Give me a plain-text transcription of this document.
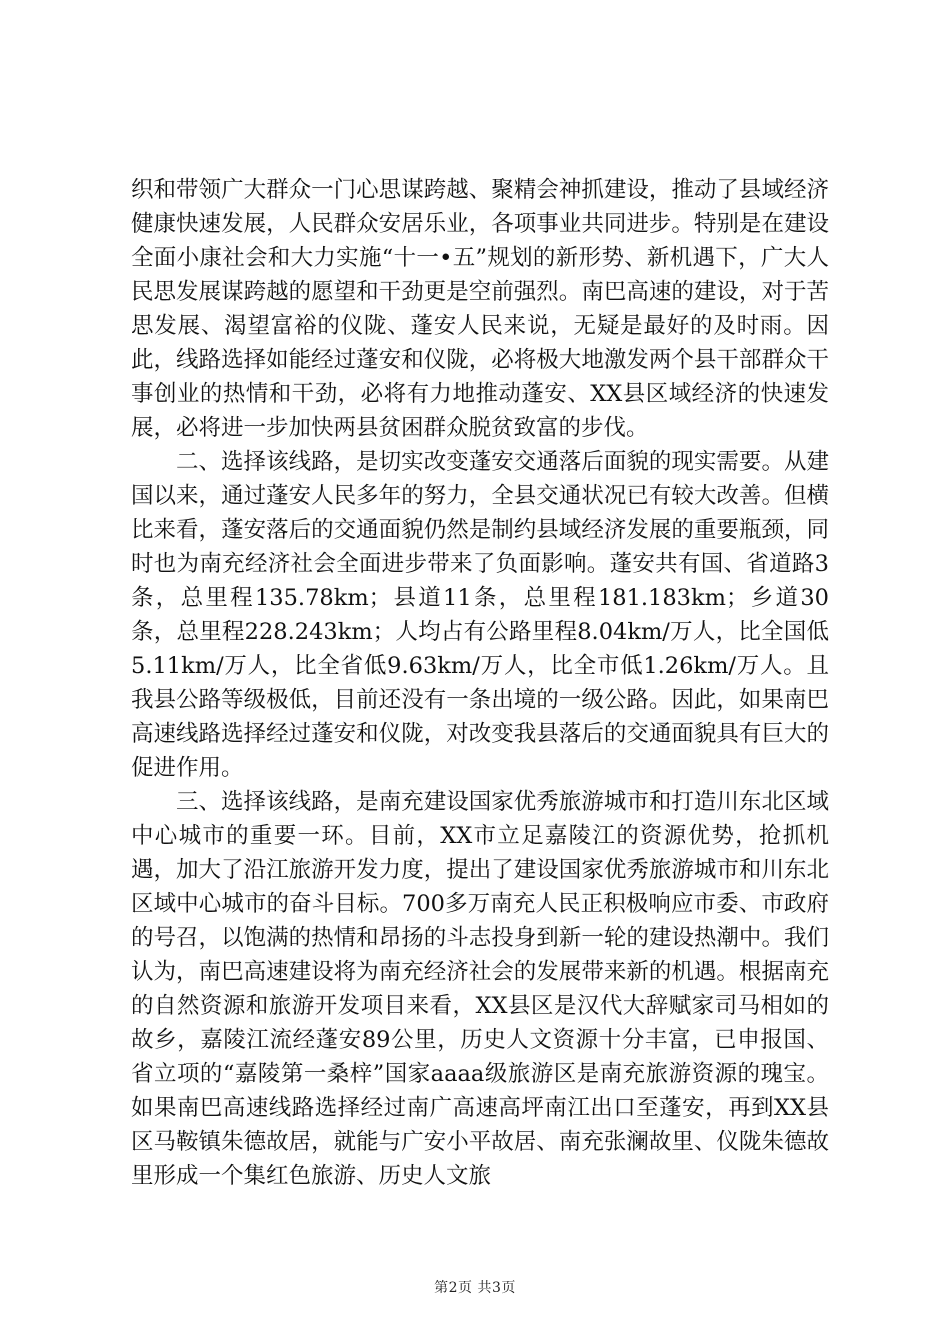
织和带领广大群众一门心思谋跨越、聚精会神抓建设，推动了县域经济健康快速发展，人民群众安居乐业，各项事业共同进步。特别是在建设全面小康社会和大力实施“十一•五”规划的新形势、新机遇下，广大人民思发展谋跨越的愿望和干劲更是空前强烈。南巴高速的建设，对于苦思发展、渴望富裕的仪陇、蓬安人民来说，无疑是最好的及时雨。因此，线路选择如能经过蓬安和仪陇，必将极大地激发两个县干部群众干事创业的热情和干劲，必将有力地推动蓬安、XX县区域经济的快速发展，必将进一步加快两县贫困群众脱贫致富的步伐。

二、选择该线路，是切实改变蓬安交通落后面貌的现实需要。从建国以来，通过蓬安人民多年的努力，全县交通状况已有较大改善。但横比来看，蓬安落后的交通面貌仍然是制约县域经济发展的重要瓶颈，同时也为南充经济社会全面进步带来了负面影响。蓬安共有国、省道路3条，总里程135.78km；县道11条，总里程181.183km；乡道30条，总里程228.243km；人均占有公路里程8.04km/万人，比全国低5.11km/万人，比全省低9.63km/万人，比全市低1.26km/万人。且我县公路等级极低，目前还没有一条出境的一级公路。因此，如果南巴高速线路选择经过蓬安和仪陇，对改变我县落后的交通面貌具有巨大的促进作用。

三、选择该线路，是南充建设国家优秀旅游城市和打造川东北区域中心城市的重要一环。目前，XX市立足嘉陵江的资源优势，抢抓机遇，加大了沿江旅游开发力度，提出了建设国家优秀旅游城市和川东北区域中心城市的奋斗目标。700多万南充人民正积极响应市委、市政府的号召，以饱满的热情和昂扬的斗志投身到新一轮的建设热潮中。我们认为，南巴高速建设将为南充经济社会的发展带来新的机遇。根据南充的自然资源和旅游开发项目来看，XX县区是汉代大辞赋家司马相如的故乡，嘉陵江流经蓬安89公里，历史人文资源十分丰富，已申报国、省立项的“嘉陵第一桑梓”国家aaaa级旅游区是南充旅游资源的瑰宝。如果南巴高速线路选择经过南广高速高坪南江出口至蓬安，再到XX县区马鞍镇朱德故居，就能与广安小平故居、南充张澜故里、仪陇朱德故里形成一个集红色旅游、历史人文旅

第2页 共3页
